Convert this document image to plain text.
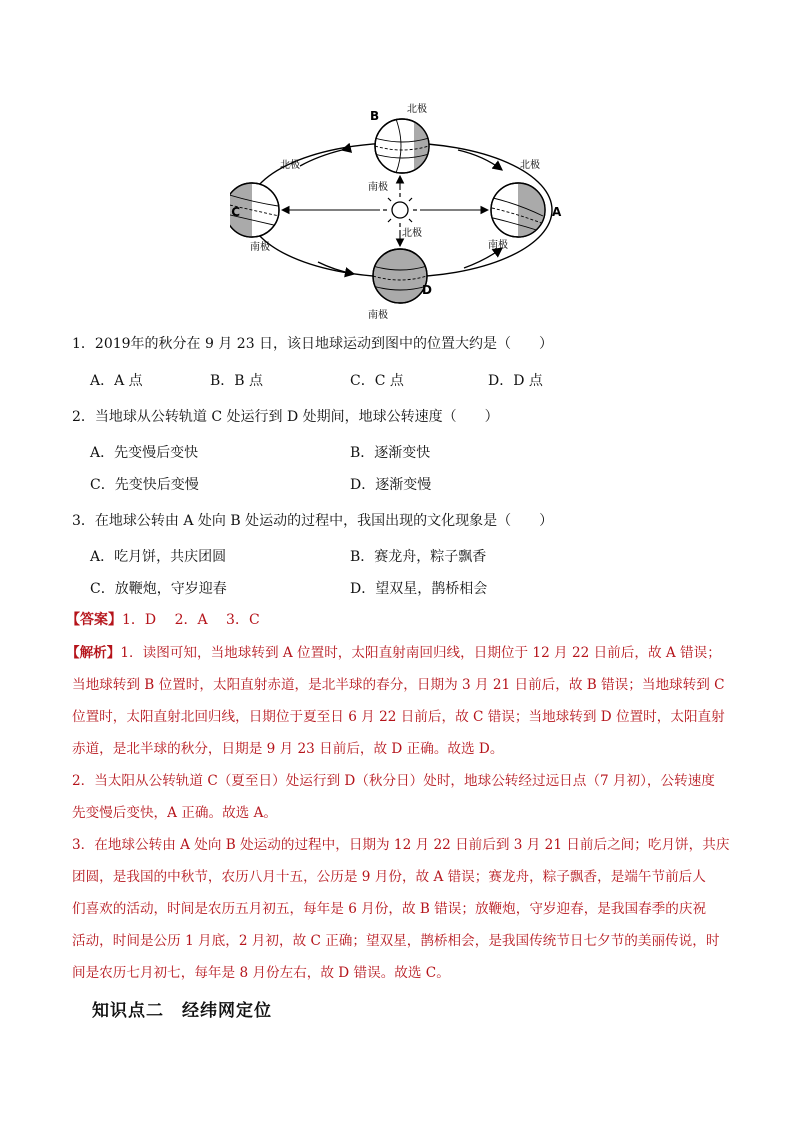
B	北极
南极
A
北极
南极
C
北极
南极
D
北极
南极
1．2019年的秋分在 9 月 23 日，该日地球运动到图中的位置大约是（　　）
A．A 点	B．B 点	C．C 点	D．D 点
2．当地球从公转轨道 C 处运行到 D 处期间，地球公转速度（　　）
A．先变慢后变快	B．逐渐变快
C．先变快后变慢	D．逐渐变慢
3．在地球公转由 A 处向 B 处运动的过程中，我国出现的文化现象是（　　）
A．吃月饼，共庆团圆	B．赛龙舟，粽子飘香
C．放鞭炮，守岁迎春	D．望双星，鹊桥相会
【答案】1．D　 2．A　 3．C
【解析】1．读图可知，当地球转到 A 位置时，太阳直射南回归线，日期位于 12 月 22 日前后，故 A 错误；
当地球转到 B 位置时，太阳直射赤道，是北半球的春分，日期为 3 月 21 日前后，故 B 错误；当地球转到 C
位置时，太阳直射北回归线，日期位于夏至日 6 月 22 日前后，故 C 错误；当地球转到 D 位置时，太阳直射
赤道，是北半球的秋分，日期是 9 月 23 日前后，故 D 正确。故选 D。
2．当太阳从公转轨道 C（夏至日）处运行到 D（秋分日）处时，地球公转经过远日点（7 月初），公转速度
先变慢后变快，A 正确。故选 A。
3．在地球公转由 A 处向 B 处运动的过程中，日期为 12 月 22 日前后到 3 月 21 日前后之间；吃月饼，共庆
团圆，是我国的中秋节，农历八月十五，公历是 9 月份，故 A 错误；赛龙舟，粽子飘香，是端午节前后人
们喜欢的活动，时间是农历五月初五，每年是 6 月份，故 B 错误；放鞭炮，守岁迎春，是我国春季的庆祝
活动，时间是公历 1 月底，2 月初，故 C 正确；望双星，鹊桥相会，是我国传统节日七夕节的美丽传说，时
间是农历七月初七，每年是 8 月份左右，故 D 错误。故选 C。
知识点二　经纬网定位
